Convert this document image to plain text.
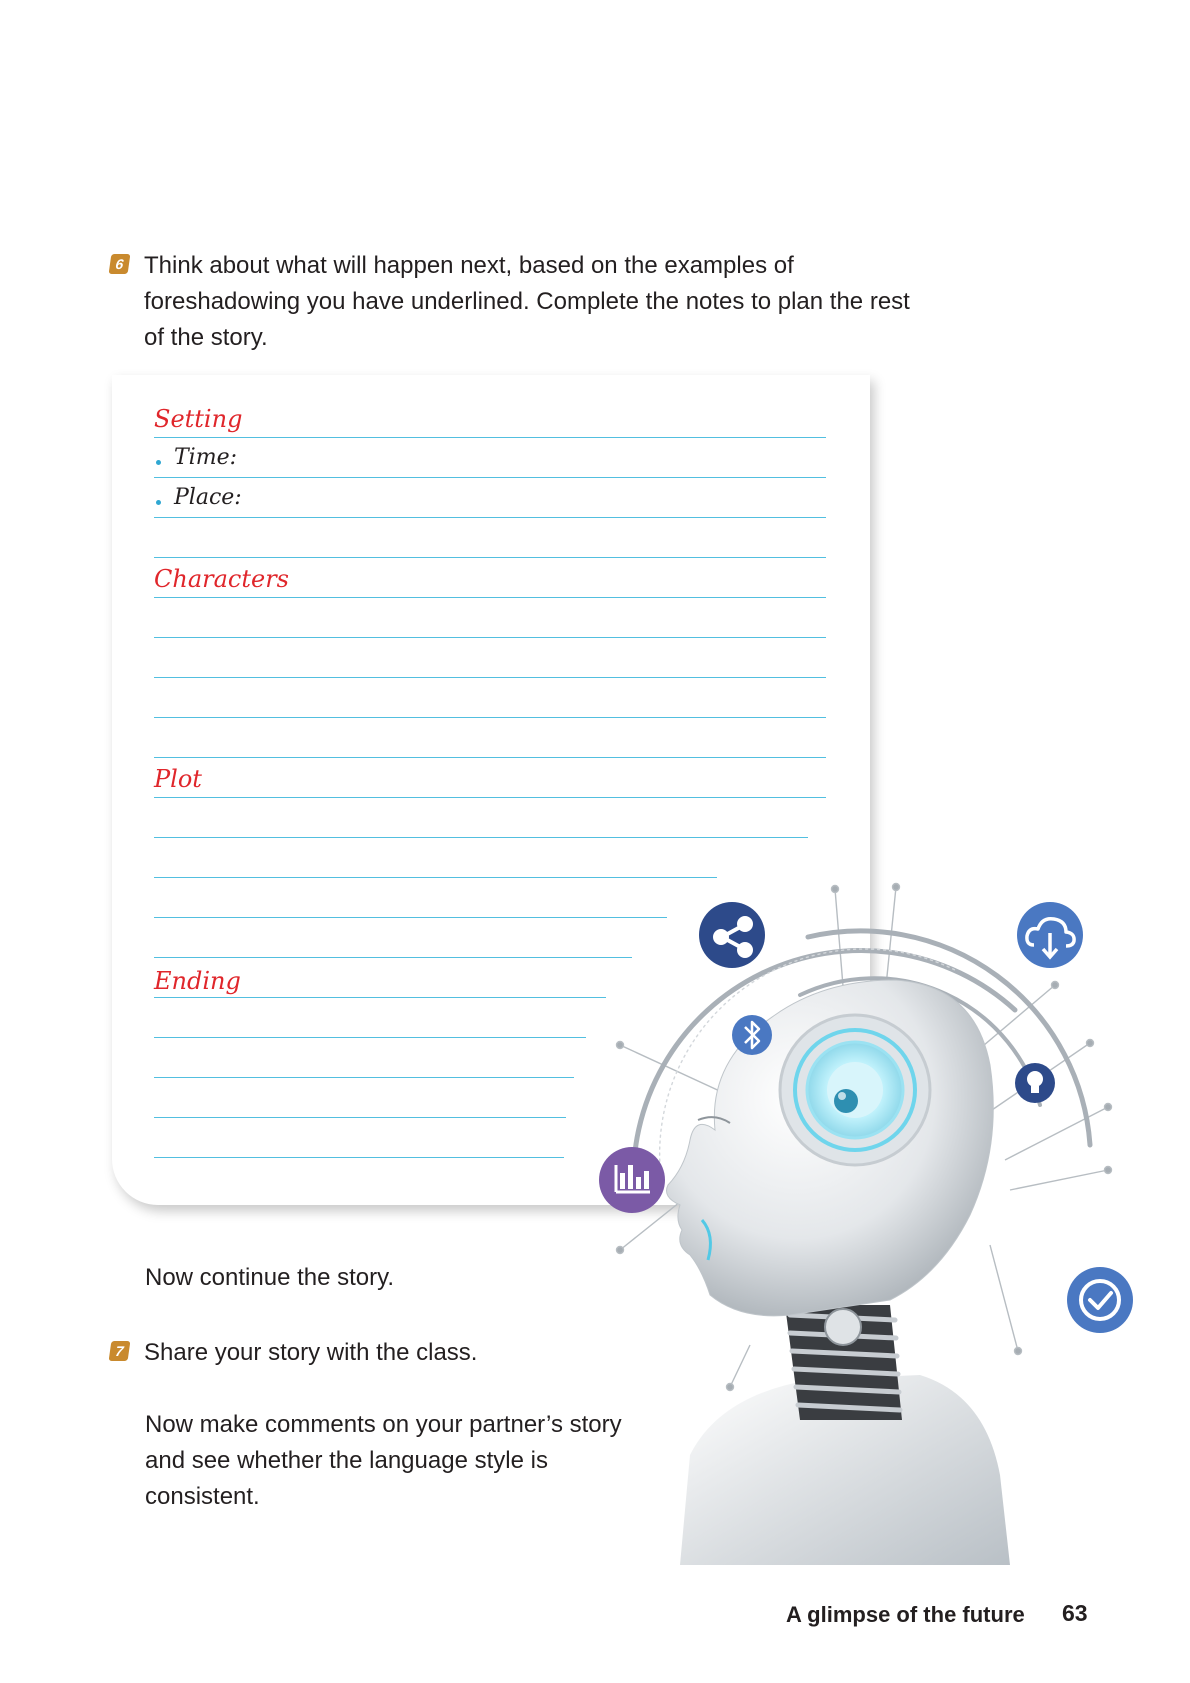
6 Think about what will happen next, based on the examples of foreshadowing you have underlined. Complete the notes to plan the rest of the story.
Setting
Time:
Place:
Characters
Plot
Ending
Now continue the story.
7 Share your story with the class.
Now make comments on your partner’s story and see whether the language style is consistent.
A glimpse of the future 63
